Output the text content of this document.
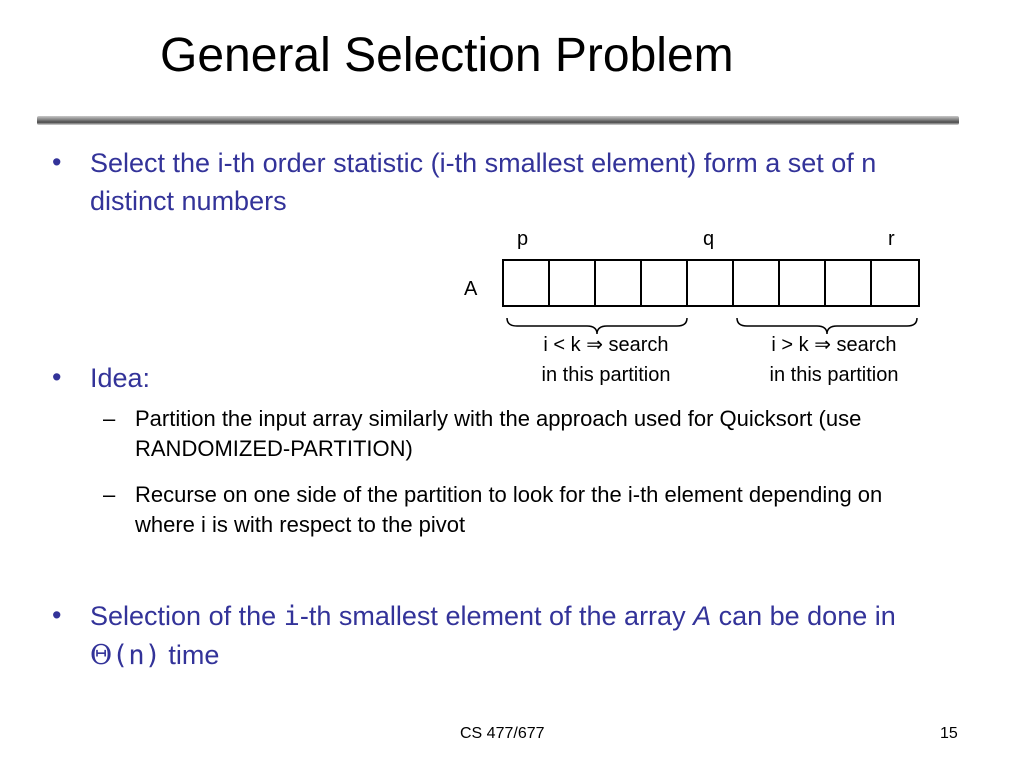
General Selection Problem
• Select the i-th order statistic (i-th smallest element) form a set of n distinct numbers
p	q	r
A
i < k ⇒ search
in this partition
i > k ⇒ search
in this partition
• Idea:
– Partition the input array similarly with the approach used for Quicksort (use RANDOMIZED-PARTITION)
– Recurse on one side of the partition to look for the i-th element depending on where i is with respect to the pivot
• Selection of the i-th smallest element of the array A can be done in Θ(n) time
CS 477/677	15
